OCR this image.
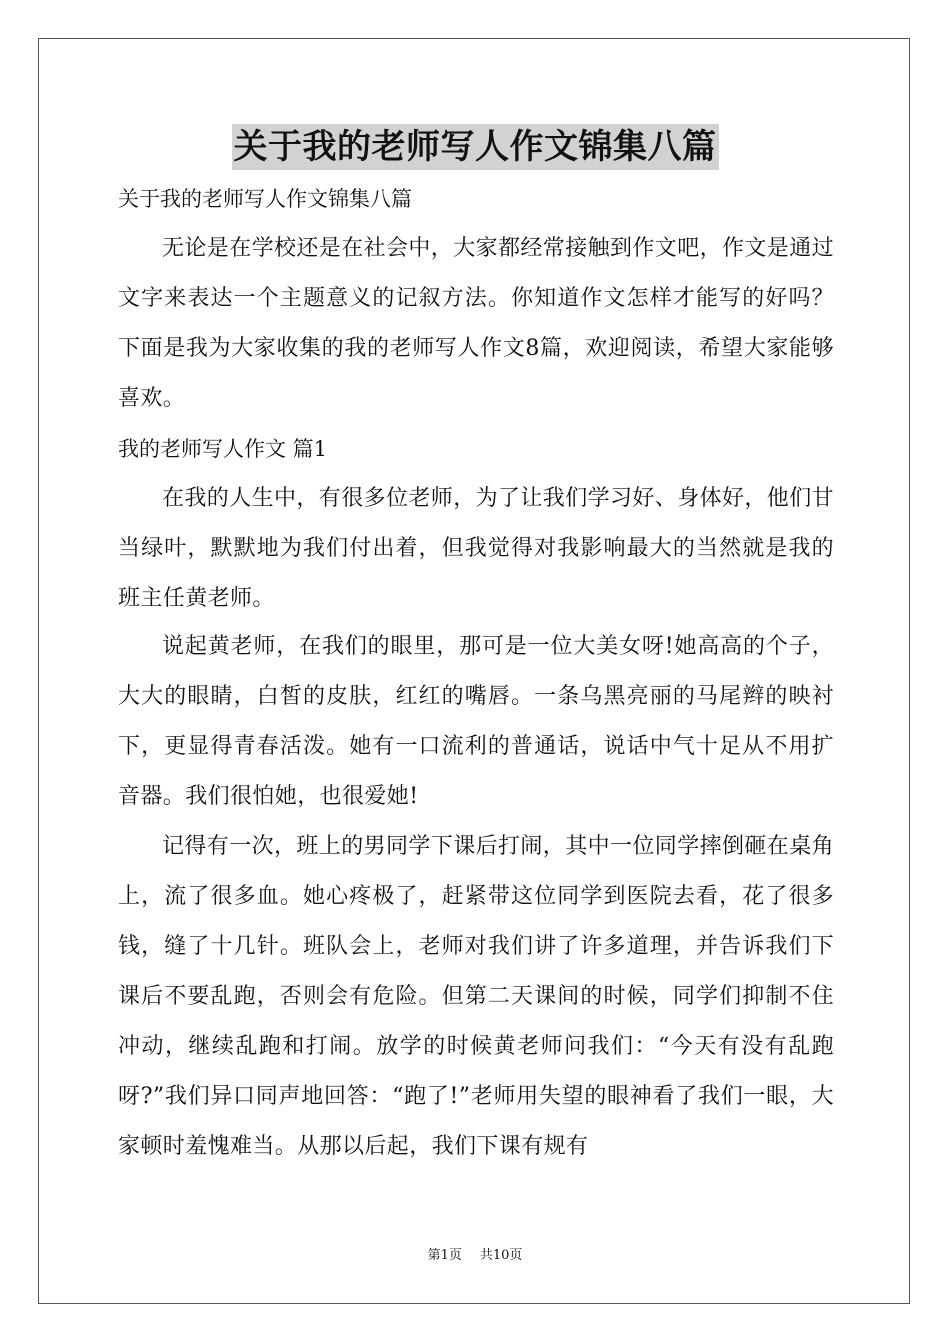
关于我的老师写人作文锦集八篇
关于我的老师写人作文锦集八篇
无论是在学校还是在社会中，大家都经常接触到作文吧，作文是通过文字来表达一个主题意义的记叙方法。你知道作文怎样才能写的好吗？下面是我为大家收集的我的老师写人作文8篇，欢迎阅读，希望大家能够喜欢。
我的老师写人作文 篇1
在我的人生中，有很多位老师，为了让我们学习好、身体好，他们甘当绿叶，默默地为我们付出着，但我觉得对我影响最大的当然就是我的班主任黄老师。
说起黄老师，在我们的眼里，那可是一位大美女呀!她高高的个子，大大的眼睛，白皙的皮肤，红红的嘴唇。一条乌黑亮丽的马尾辫的映衬下，更显得青春活泼。她有一口流利的普通话，说话中气十足从不用扩音器。我们很怕她，也很爱她!
记得有一次，班上的男同学下课后打闹，其中一位同学摔倒砸在桌角上，流了很多血。她心疼极了，赶紧带这位同学到医院去看，花了很多钱，缝了十几针。班队会上，老师对我们讲了许多道理，并告诉我们下课后不要乱跑，否则会有危险。但第二天课间的时候，同学们抑制不住冲动，继续乱跑和打闹。放学的时候黄老师问我们：“今天有没有乱跑呀?”我们异口同声地回答：“跑了!”老师用失望的眼神看了我们一眼，大家顿时羞愧难当。从那以后起，我们下课有规有
第1页 共10页
